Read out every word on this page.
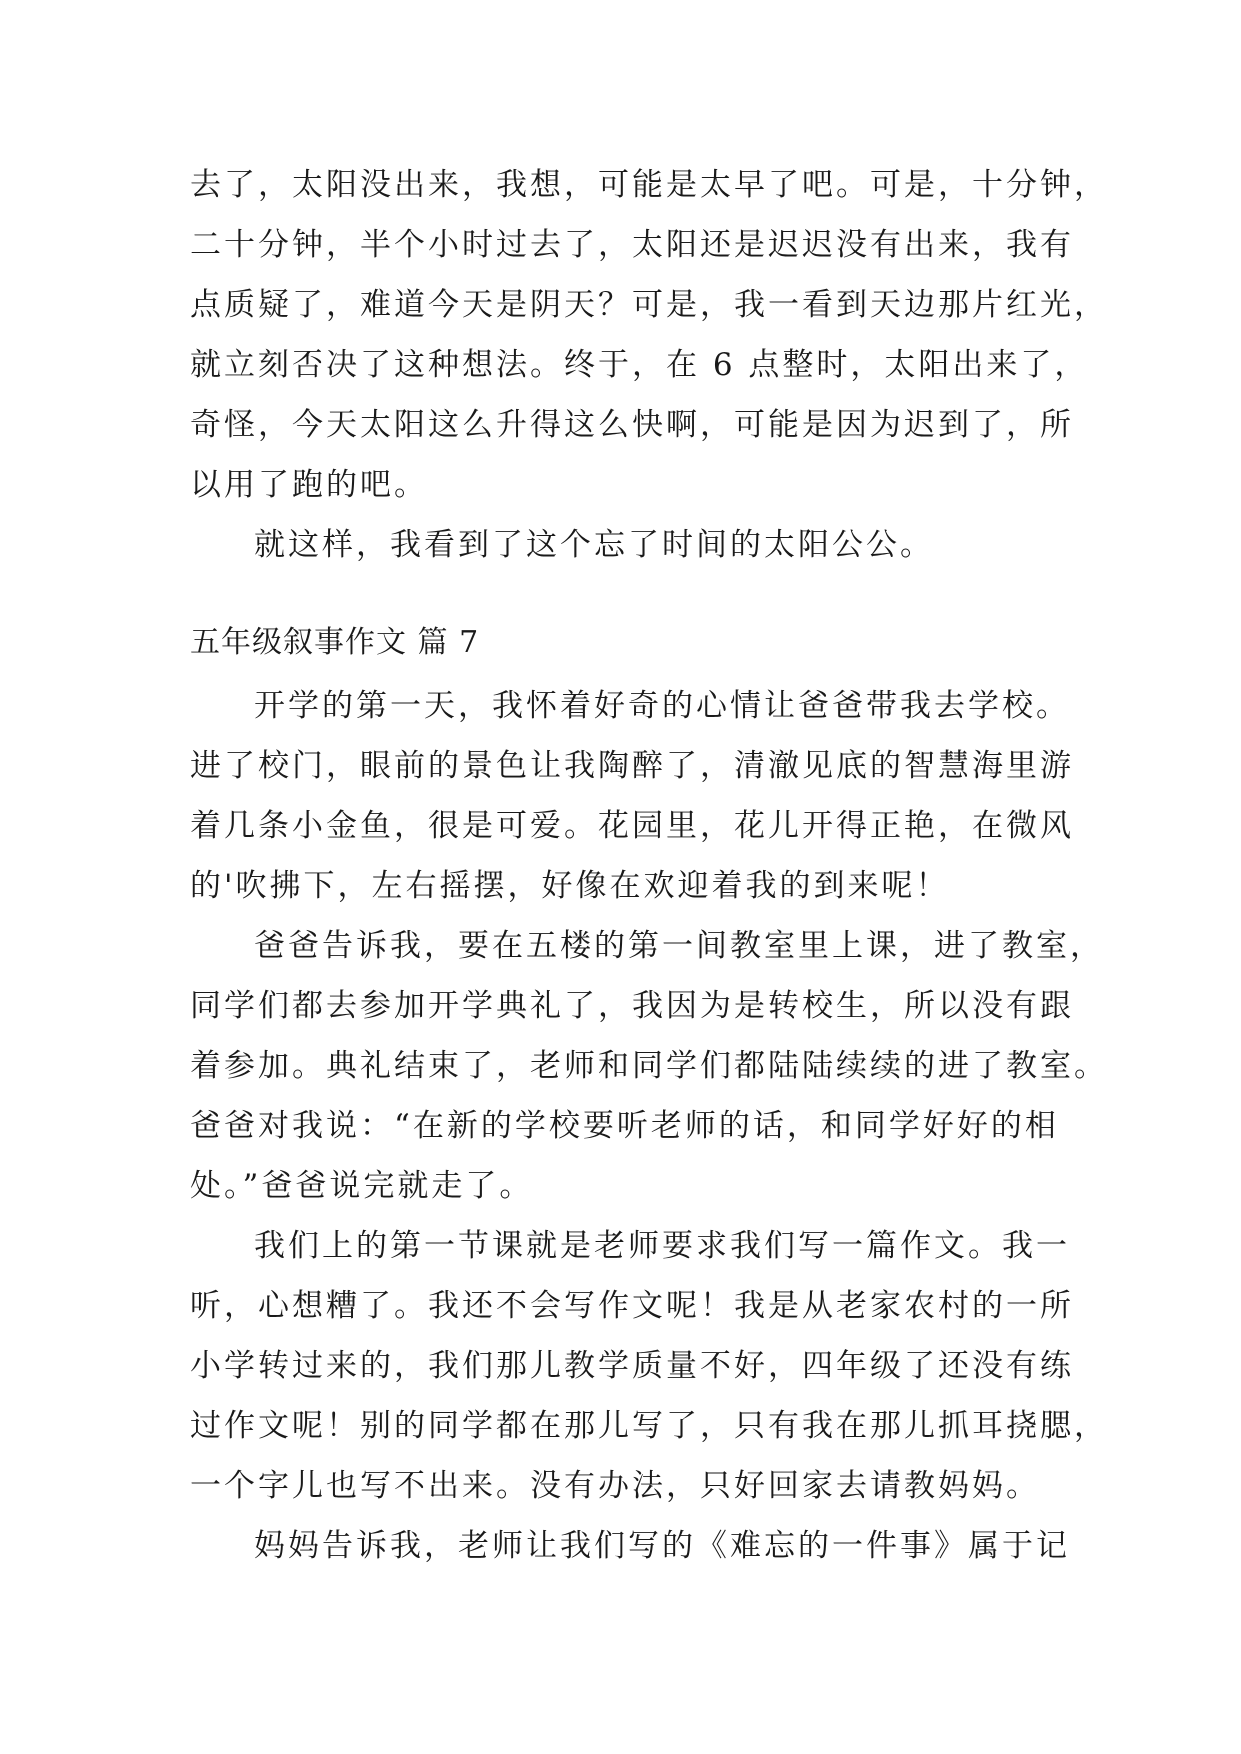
去了，太阳没出来，我想，可能是太早了吧。可是，十分钟，
二十分钟，半个小时过去了，太阳还是迟迟没有出来，我有
点质疑了，难道今天是阴天？可是，我一看到天边那片红光，
就立刻否决了这种想法。终于，在 6 点整时，太阳出来了，
奇怪，今天太阳这么升得这么快啊，可能是因为迟到了，所
以用了跑的吧。
就这样，我看到了这个忘了时间的太阳公公。
五年级叙事作文 篇 7
开学的第一天，我怀着好奇的心情让爸爸带我去学校。
进了校门，眼前的景色让我陶醉了，清澈见底的智慧海里游
着几条小金鱼，很是可爱。花园里，花儿开得正艳，在微风
的'吹拂下，左右摇摆，好像在欢迎着我的到来呢！
爸爸告诉我，要在五楼的第一间教室里上课，进了教室，
同学们都去参加开学典礼了，我因为是转校生，所以没有跟
着参加。典礼结束了，老师和同学们都陆陆续续的进了教室。
爸爸对我说：“在新的学校要听老师的话，和同学好好的相
处。”爸爸说完就走了。
我们上的第一节课就是老师要求我们写一篇作文。我一
听，心想糟了。我还不会写作文呢！我是从老家农村的一所
小学转过来的，我们那儿教学质量不好，四年级了还没有练
过作文呢！别的同学都在那儿写了，只有我在那儿抓耳挠腮，
一个字儿也写不出来。没有办法，只好回家去请教妈妈。
妈妈告诉我，老师让我们写的《难忘的一件事》属于记
